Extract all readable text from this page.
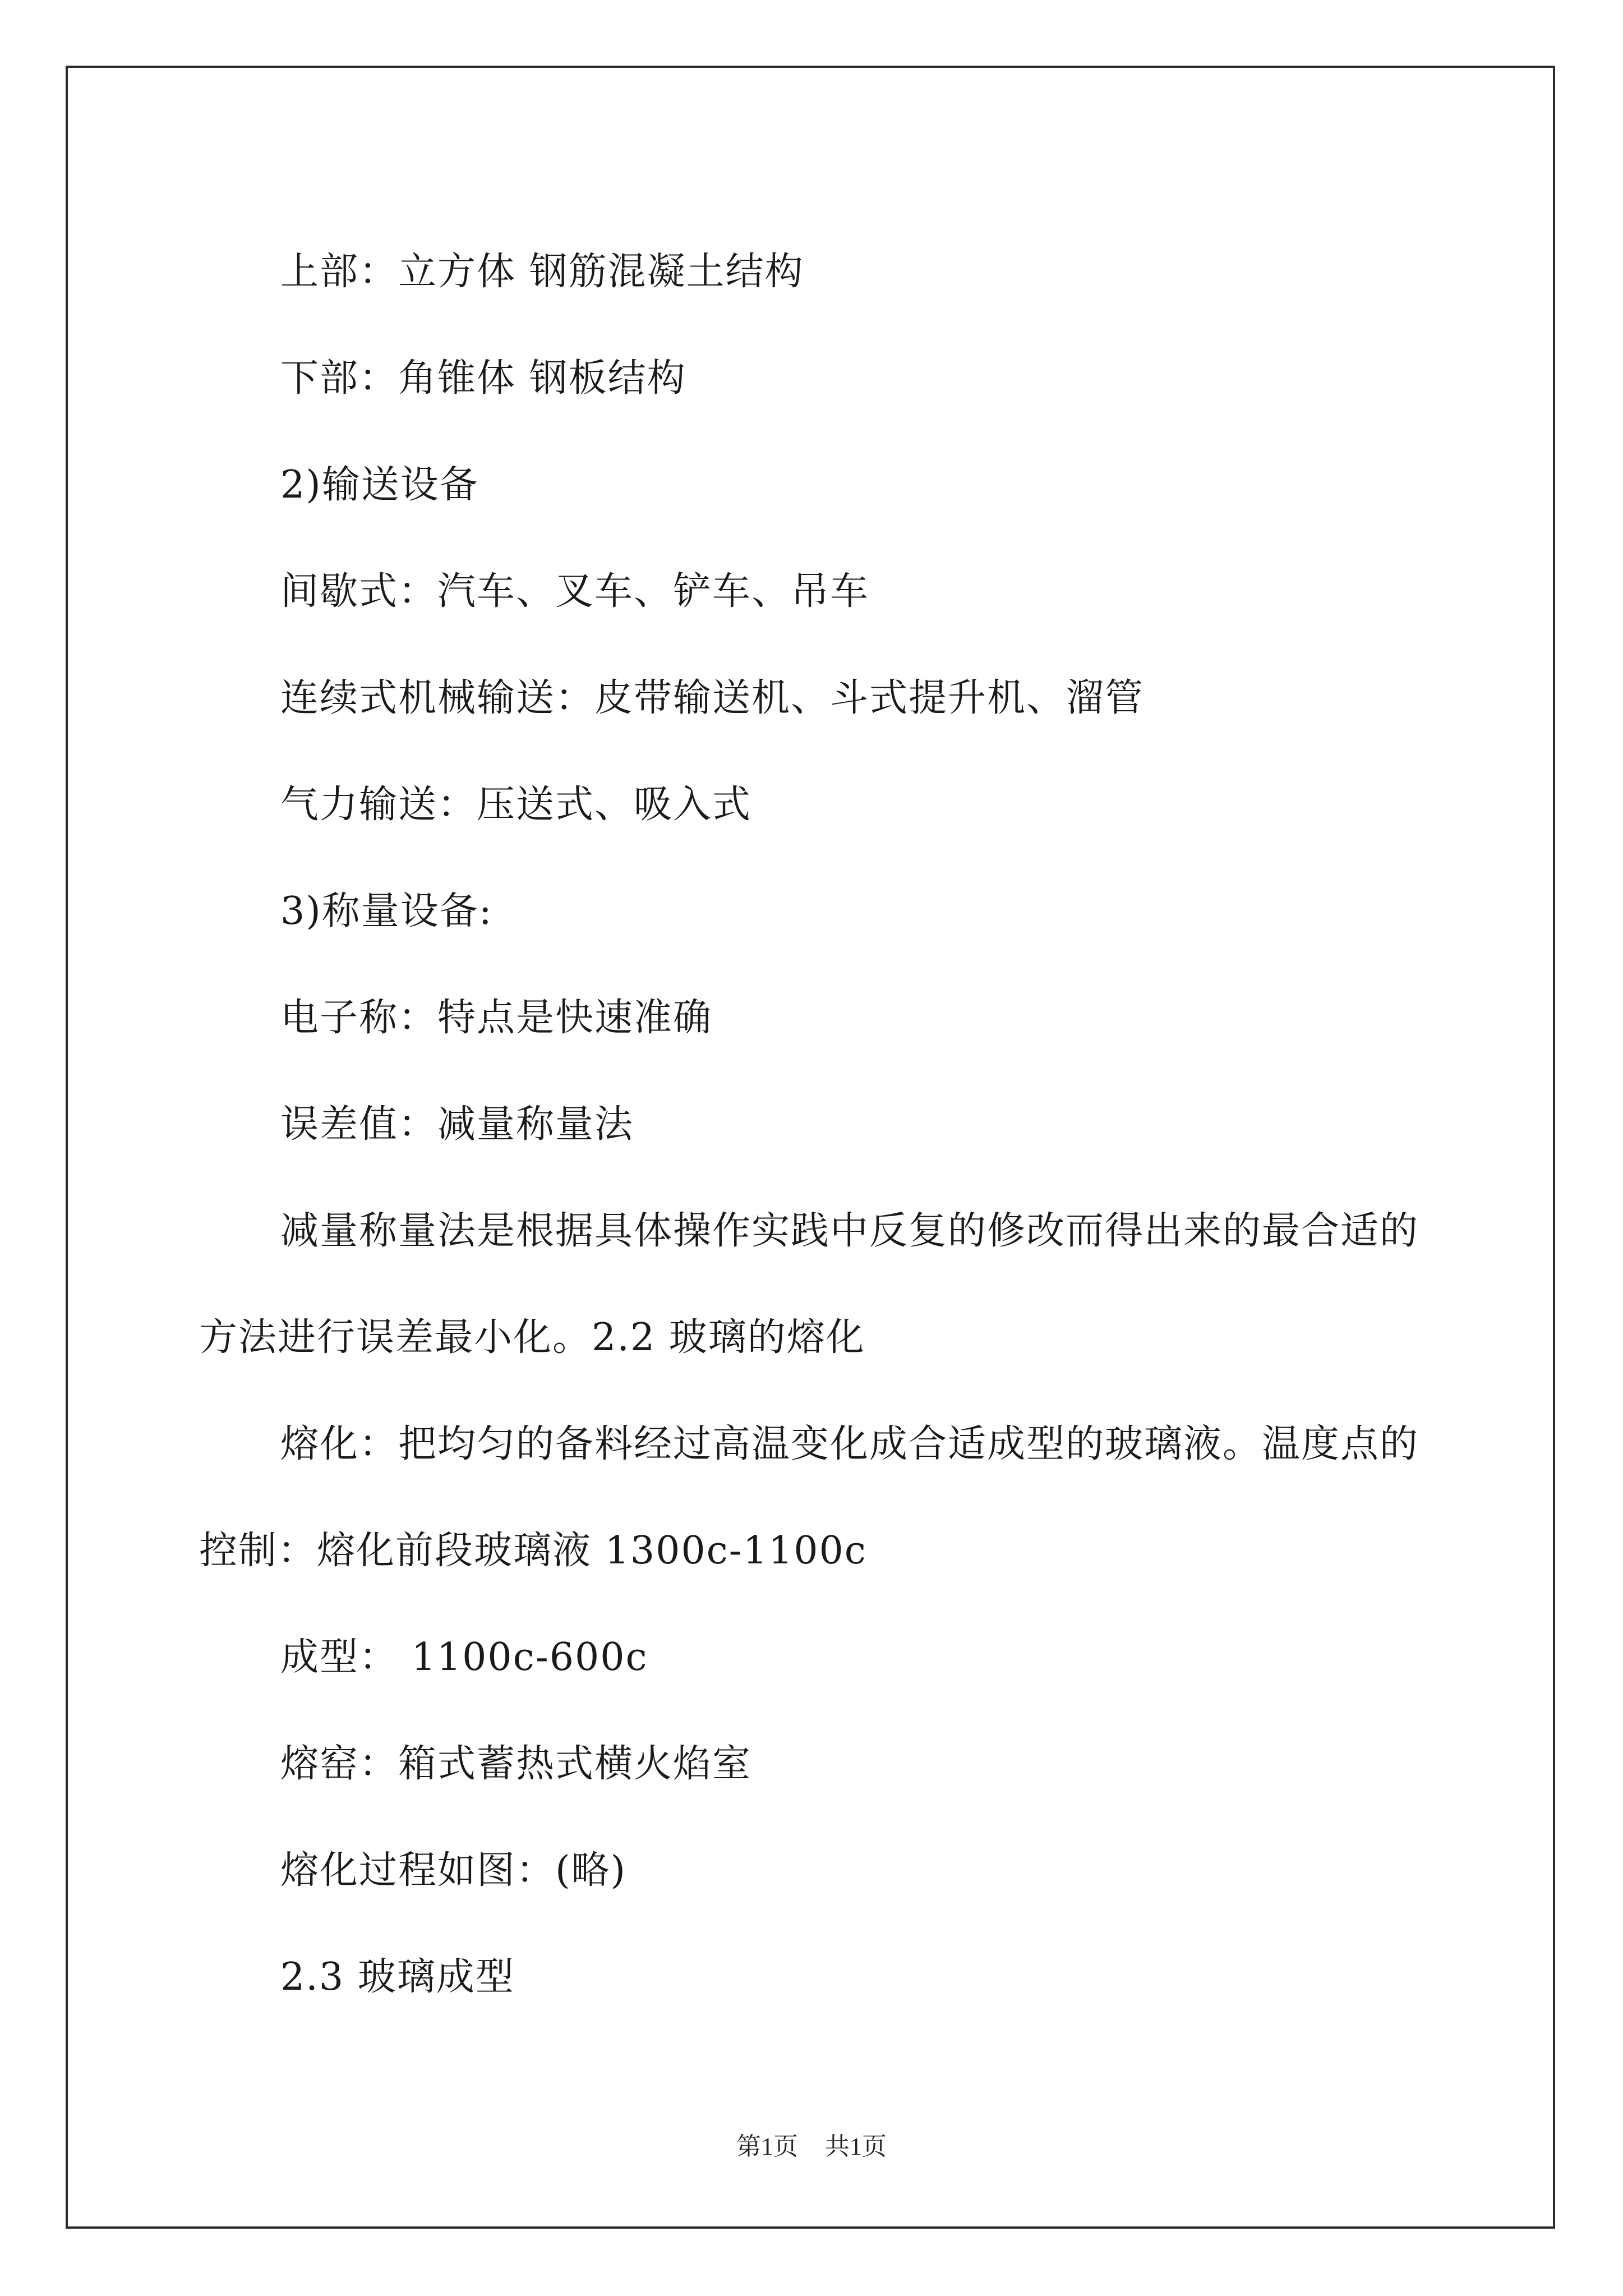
上部：立方体 钢筋混凝土结构

下部：角锥体 钢板结构

2)输送设备

间歇式：汽车、叉车、铲车、吊车

连续式机械输送：皮带输送机、斗式提升机、溜管

气力输送：压送式、吸入式

3)称量设备:

电子称：特点是快速准确

误差值：减量称量法

减量称量法是根据具体操作实践中反复的修改而得出来的最合适的方法进行误差最小化。2.2 玻璃的熔化

熔化：把均匀的备料经过高温变化成合适成型的玻璃液。温度点的控制：熔化前段玻璃液 1300c-1100c

成型： 1100c-600c

熔窑：箱式蓄热式横火焰室

熔化过程如图：(略)

2.3 玻璃成型

第1页 共1页
